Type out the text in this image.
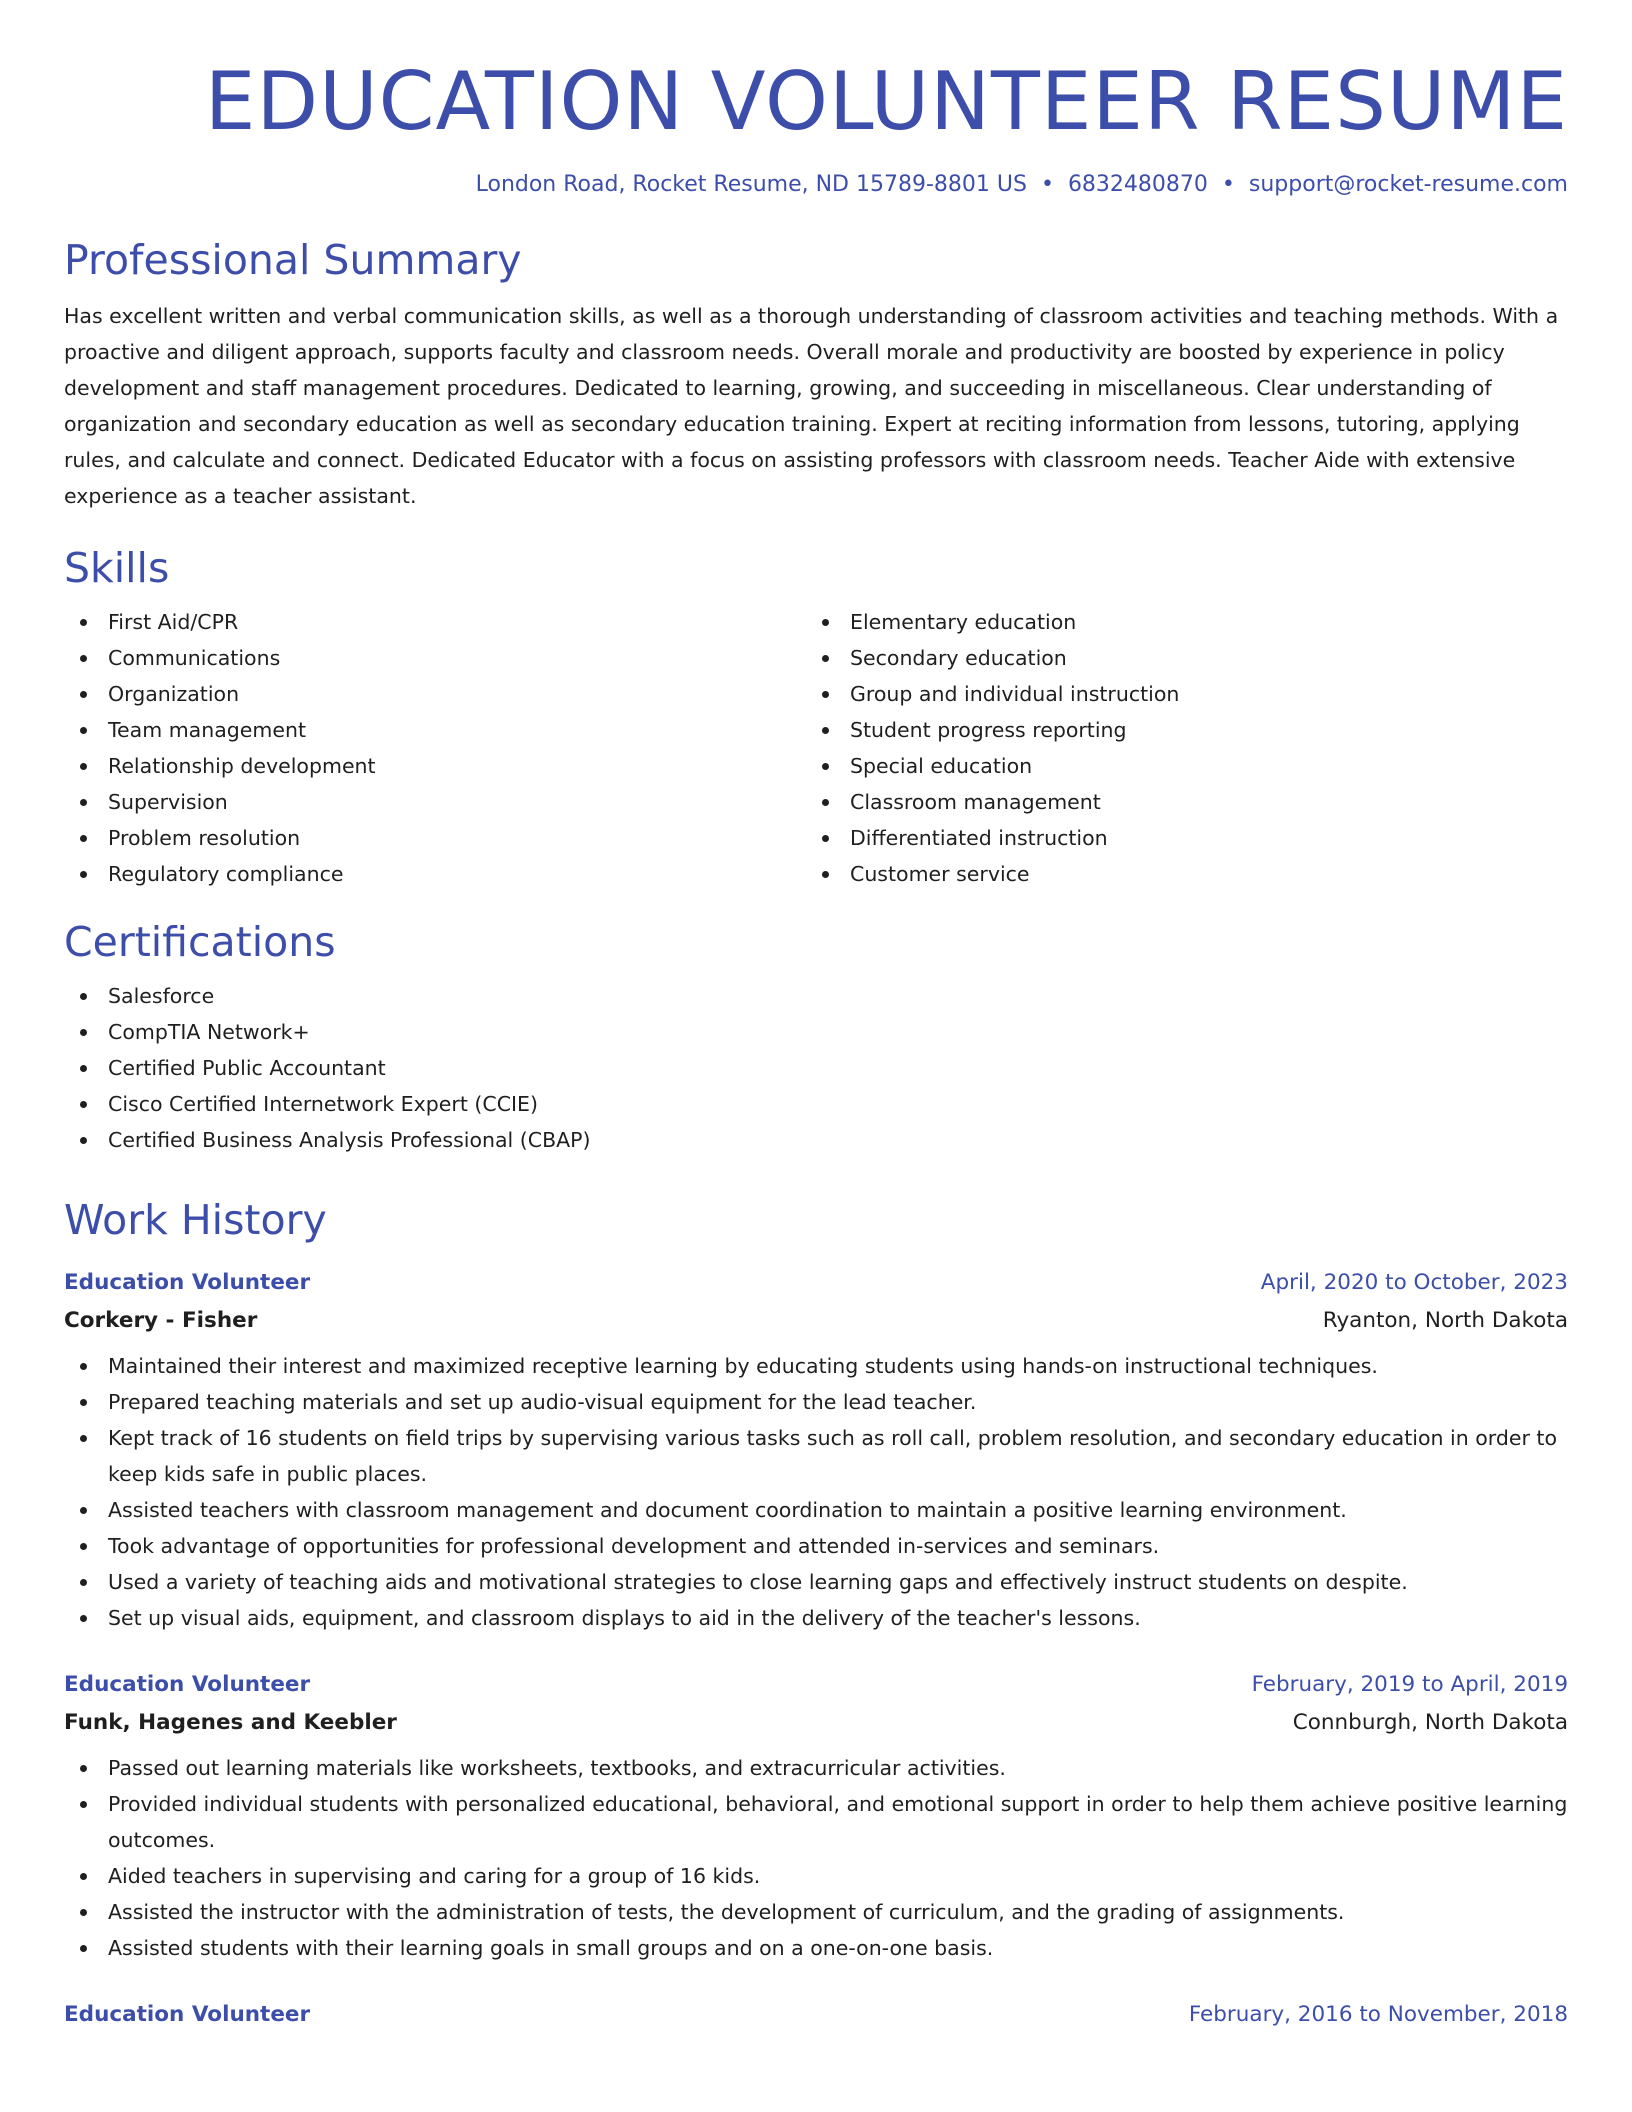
EDUCATION VOLUNTEER RESUME
London Road, Rocket Resume, ND 15789-8801 US • 6832480870 • support@rocket-resume.com
Professional Summary

Has excellent written and verbal communication skills, as well as a thorough understanding of classroom activities and teaching methods. With a proactive and diligent approach, supports faculty and classroom needs. Overall morale and productivity are boosted by experience in policy development and staff management procedures. Dedicated to learning, growing, and succeeding in miscellaneous. Clear understanding of organization and secondary education as well as secondary education training. Expert at reciting information from lessons, tutoring, applying rules, and calculate and connect. Dedicated Educator with a focus on assisting professors with classroom needs. Teacher Aide with extensive experience as a teacher assistant.

Skills
First Aid/CPR
Communications
Organization
Team management
Relationship development
Supervision
Problem resolution
Regulatory compliance
Elementary education
Secondary education
Group and individual instruction
Student progress reporting
Special education
Classroom management
Differentiated instruction
Customer service
Certifications
Salesforce
CompTIA Network+
Certified Public Accountant
Cisco Certified Internetwork Expert (CCIE)
Certified Business Analysis Professional (CBAP)
Work History
Education Volunteer	April, 2020 to October, 2023
Corkery - Fisher	Ryanton, North Dakota
Maintained their interest and maximized receptive learning by educating students using hands-on instructional techniques.
Prepared teaching materials and set up audio-visual equipment for the lead teacher.
Kept track of 16 students on field trips by supervising various tasks such as roll call, problem resolution, and secondary education in order to keep kids safe in public places.
Assisted teachers with classroom management and document coordination to maintain a positive learning environment.
Took advantage of opportunities for professional development and attended in-services and seminars.
Used a variety of teaching aids and motivational strategies to close learning gaps and effectively instruct students on despite.
Set up visual aids, equipment, and classroom displays to aid in the delivery of the teacher's lessons.
Education Volunteer	February, 2019 to April, 2019
Funk, Hagenes and Keebler	Connburgh, North Dakota
Passed out learning materials like worksheets, textbooks, and extracurricular activities.
Provided individual students with personalized educational, behavioral, and emotional support in order to help them achieve positive learning outcomes.
Aided teachers in supervising and caring for a group of 16 kids.
Assisted the instructor with the administration of tests, the development of curriculum, and the grading of assignments.
Assisted students with their learning goals in small groups and on a one-on-one basis.
Education Volunteer	February, 2016 to November, 2018
